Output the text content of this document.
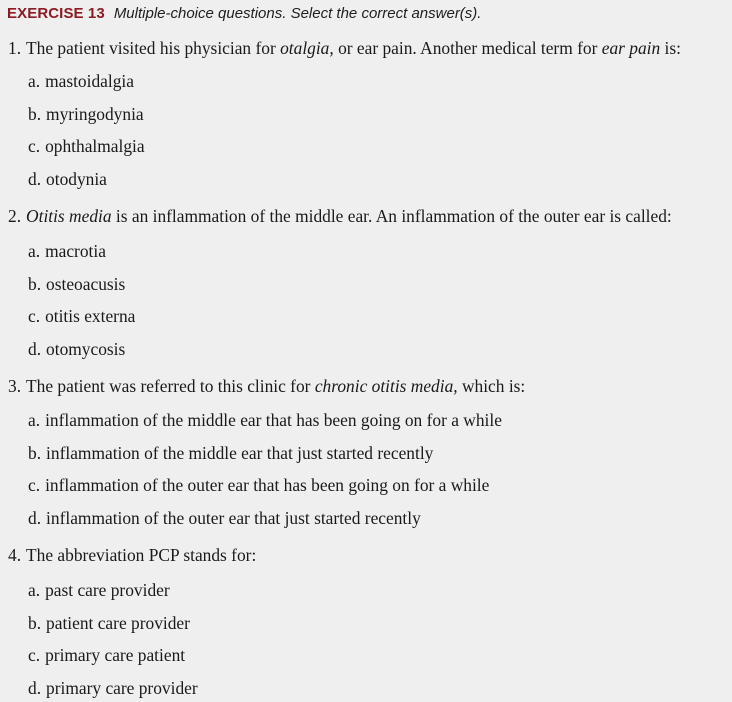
EXERCISE 13 Multiple-choice questions. Select the correct answer(s).
1. The patient visited his physician for otalgia, or ear pain. Another medical term for ear pain is:
a. mastoidalgia
b. myringodynia
c. ophthalmalgia
d. otodynia
2. Otitis media is an inflammation of the middle ear. An inflammation of the outer ear is called:
a. macrotia
b. osteoacusis
c. otitis externa
d. otomycosis
3. The patient was referred to this clinic for chronic otitis media, which is:
a. inflammation of the middle ear that has been going on for a while
b. inflammation of the middle ear that just started recently
c. inflammation of the outer ear that has been going on for a while
d. inflammation of the outer ear that just started recently
4. The abbreviation PCP stands for:
a. past care provider
b. patient care provider
c. primary care patient
d. primary care provider
